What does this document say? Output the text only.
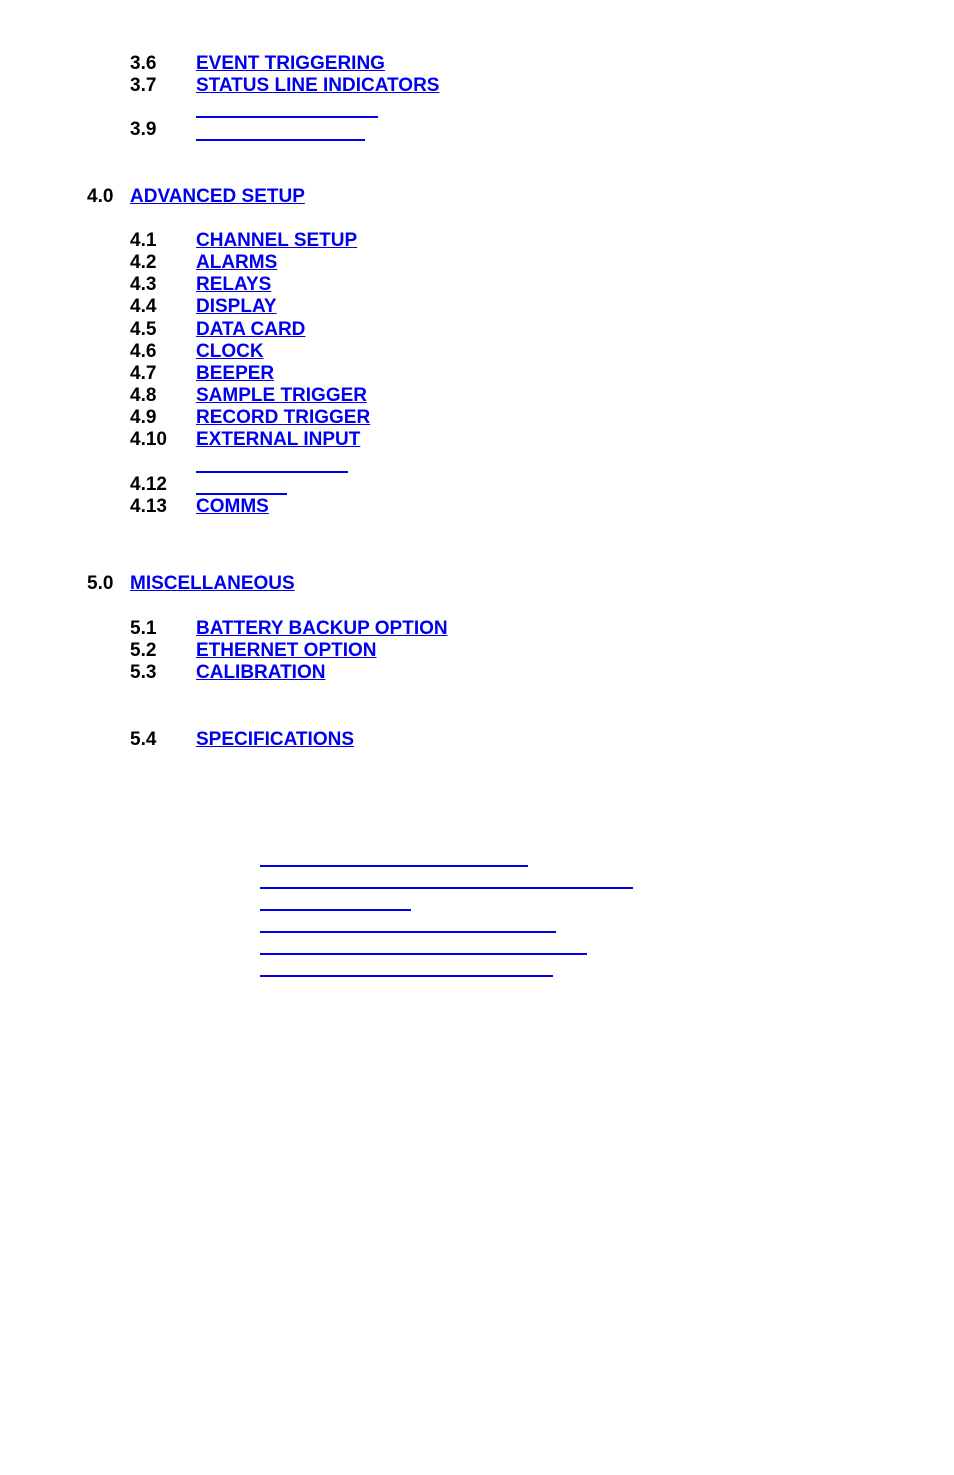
3.6 EVENT TRIGGERING
3.7 STATUS LINE INDICATORS
3.9
4.0 ADVANCED SETUP
4.1 CHANNEL SETUP
4.2 ALARMS
4.3 RELAYS
4.4 DISPLAY
4.5 DATA CARD
4.6 CLOCK
4.7 BEEPER
4.8 SAMPLE TRIGGER
4.9 RECORD TRIGGER
4.10 EXTERNAL INPUT
4.12
4.13 COMMS
5.0 MISCELLANEOUS
5.1 BATTERY BACKUP OPTION
5.2 ETHERNET OPTION
5.3 CALIBRATION
5.4 SPECIFICATIONS
